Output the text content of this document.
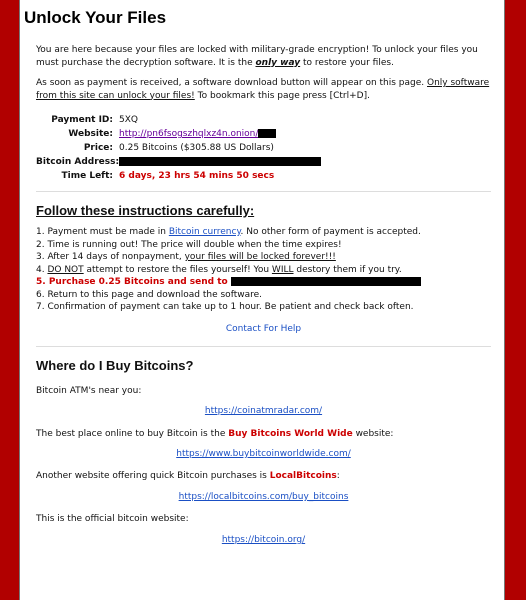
Unlock Your Files

You are here because your files are locked with military-grade encryption! To unlock your files you must purchase the decryption software. It is the only way to restore your files.

As soon as payment is received, a software download button will appear on this page. Only software from this site can unlock your files! To bookmark this page press [Ctrl+D].

Payment ID: 5XQ
Website: http://pn6fsogszhqlxz4n.onion/
Price: 0.25 Bitcoins ($305.88 US Dollars)
Bitcoin Address:
Time Left: 6 days, 23 hrs 54 mins 50 secs
Follow these instructions carefully:
1. Payment must be made in Bitcoin currency. No other form of payment is accepted.
2. Time is running out! The price will double when the time expires!
3. After 14 days of nonpayment, your files will be locked forever!!!
4. DO NOT attempt to restore the files yourself! You WILL destory them if you try.
5. Purchase 0.25 Bitcoins and send to
6. Return to this page and download the software.
7. Confirmation of payment can take up to 1 hour. Be patient and check back often.
Contact For Help
Where do I Buy Bitcoins?
Bitcoin ATM's near you:
https://coinatmradar.com/
The best place online to buy Bitcoin is the Buy Bitcoins World Wide website:
https://www.buybitcoinworldwide.com/
Another website offering quick Bitcoin purchases is LocalBitcoins:
https://localbitcoins.com/buy_bitcoins
This is the official bitcoin website:
https://bitcoin.org/
